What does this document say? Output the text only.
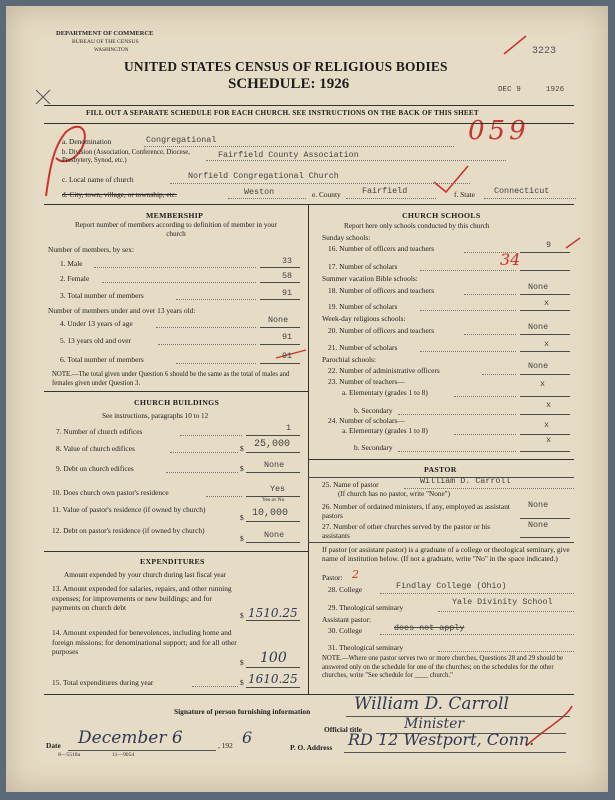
DEPARTMENT OF COMMERCE
BUREAU OF THE CENSUS
WASHINGTON
UNITED STATES CENSUS OF RELIGIOUS BODIES
SCHEDULE: 1926
3223
DEC 9	1926
059
FILL OUT A SEPARATE SCHEDULE FOR EACH CHURCH. SEE INSTRUCTIONS ON THE BACK OF THIS SHEET
a. Denomination	Congregational
b. Division (Association, Conference, Diocese, Presbytery, Synod, etc.)
Fairfield County Association
c. Local name of church	Norfield Congregational Church
d. City, town, village, or township, etc.	Weston	e. County	Fairfield	f. State Connecticut
MEMBERSHIP
Report number of members according to definition of member in your church
Number of members, by sex:
1. Male	33
2. Female	58
3. Total number of members	91
Number of members under and over 13 years old:
4. Under 13 years of age	None
5. 13 years old and over	91
6. Total number of members	91
NOTE.—The total given under Question 6 should be the same as the total of males and females given under Question 3.
CHURCH BUILDINGS
See instructions, paragraphs 10 to 12
7. Number of church edifices	1
8. Value of church edifices	$ 25,000
9. Debt on church edifices	$ None
10. Does church own pastor's residence	Yes
Yes or No
11. Value of pastor's residence (if owned by church)
$ 10,000
12. Debt on pastor's residence (if owned by church)
$ None
EXPENDITURES
Amount expended by your church during last fiscal year
13. Amount expended for salaries, repairs, and other running expenses; for improvements or new buildings; and for payments on church debt
$ 1510.25
14. Amount expended for benevolences, including home and foreign missions; for denominational support; and for all other purposes
$ 100
15. Total expenditures during year	$ 1610.25
CHURCH SCHOOLS
Report here only schools conducted by this church
Sunday schools:
16. Number of officers and teachers	9
17. Number of scholars	34
Summer vacation Bible schools:
18. Number of officers and teachers	None
19. Number of scholars	x
Week-day religious schools:
20. Number of officers and teachers	None
21. Number of scholars	x
Parochial schools:
22. Number of administrative officers	None
23. Number of teachers—
a. Elementary (grades 1 to 8)
x
b. Secondary
x
24. Number of scholars—
a. Elementary (grades 1 to 8)
x
b. Secondary
x
PASTOR
25. Name of pastor	William D. Carroll
(If church has no pastor, write "None")
26. Number of ordained ministers, if any, employed as assistant pastors
None
27. Number of other churches served by the pastor or his assistants
None
If pastor (or assistant pastor) is a graduate of a college or theological seminary, give name of institution below. (If not a graduate, write "No" in the space indicated.)
Pastor: 2
28. College	Findlay College (Ohio)
29. Theological seminary
Yale Divinity School
Assistant pastor:
30. College	does not apply
31. Theological seminary
NOTE.—Where one pastor serves two or more churches, Questions 28 and 29 should be answered only on the schedule for one of the churches; on the schedules for the other churches, write "See schedule for ____ church."
Signature of person furnishing information	William D. Carroll
Official title	Minister
Date December 6	, 192 6
P. O. Address RD 12 Westport, Conn.
8—5518a	11—9054
